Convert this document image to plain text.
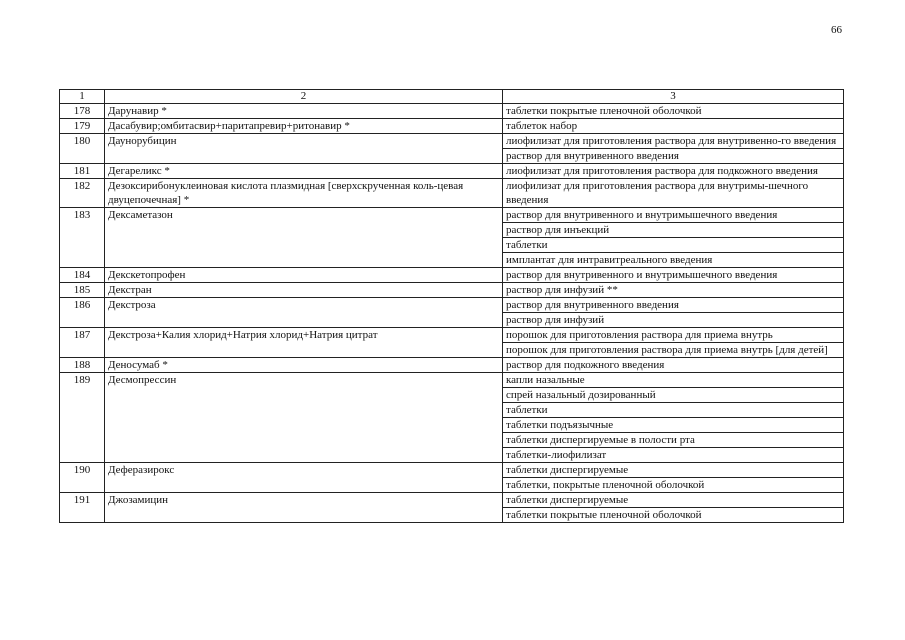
66
1	2	3
178	Дарунавир *	таблетки покрытые пленочной оболочкой
179	Дасабувир;омбитасвир+паритапревир+ритонавир *	таблеток набор
180	Даунорубицин	лиофилизат для приготовления раствора для внутривенно-го введения
		раствор для внутривенного введения
181	Дегареликс *	лиофилизат для приготовления раствора для подкожного введения
182	Дезоксирибонуклеиновая кислота плазмидная [сверхскрученная коль-цевая двуцепочечная] *	лиофилизат для приготовления раствора для внутримы-шечного введения
183	Дексаметазон	раствор для внутривенного и внутримышечного введения
		раствор для инъекций
		таблетки
		имплантат для интравитреального введения
184	Декскетопрофен	раствор для внутривенного и внутримышечного введения
185	Декстран	раствор для инфузий **
186	Декстроза	раствор для внутривенного введения
		раствор для инфузий
187	Декстроза+Калия хлорид+Натрия хлорид+Натрия цитрат	порошок для приготовления раствора для приема внутрь
		порошок для приготовления раствора для приема внутрь [для детей]
188	Деносумаб *	раствор для подкожного введения
189	Десмопрессин	капли назальные
		спрей назальный дозированный
		таблетки
		таблетки подъязычные
		таблетки диспергируемые в полости рта
		таблетки-лиофилизат
190	Деферазирокс	таблетки диспергируемые
		таблетки, покрытые пленочной оболочкой
191	Джозамицин	таблетки диспергируемые
		таблетки покрытые пленочной оболочкой
